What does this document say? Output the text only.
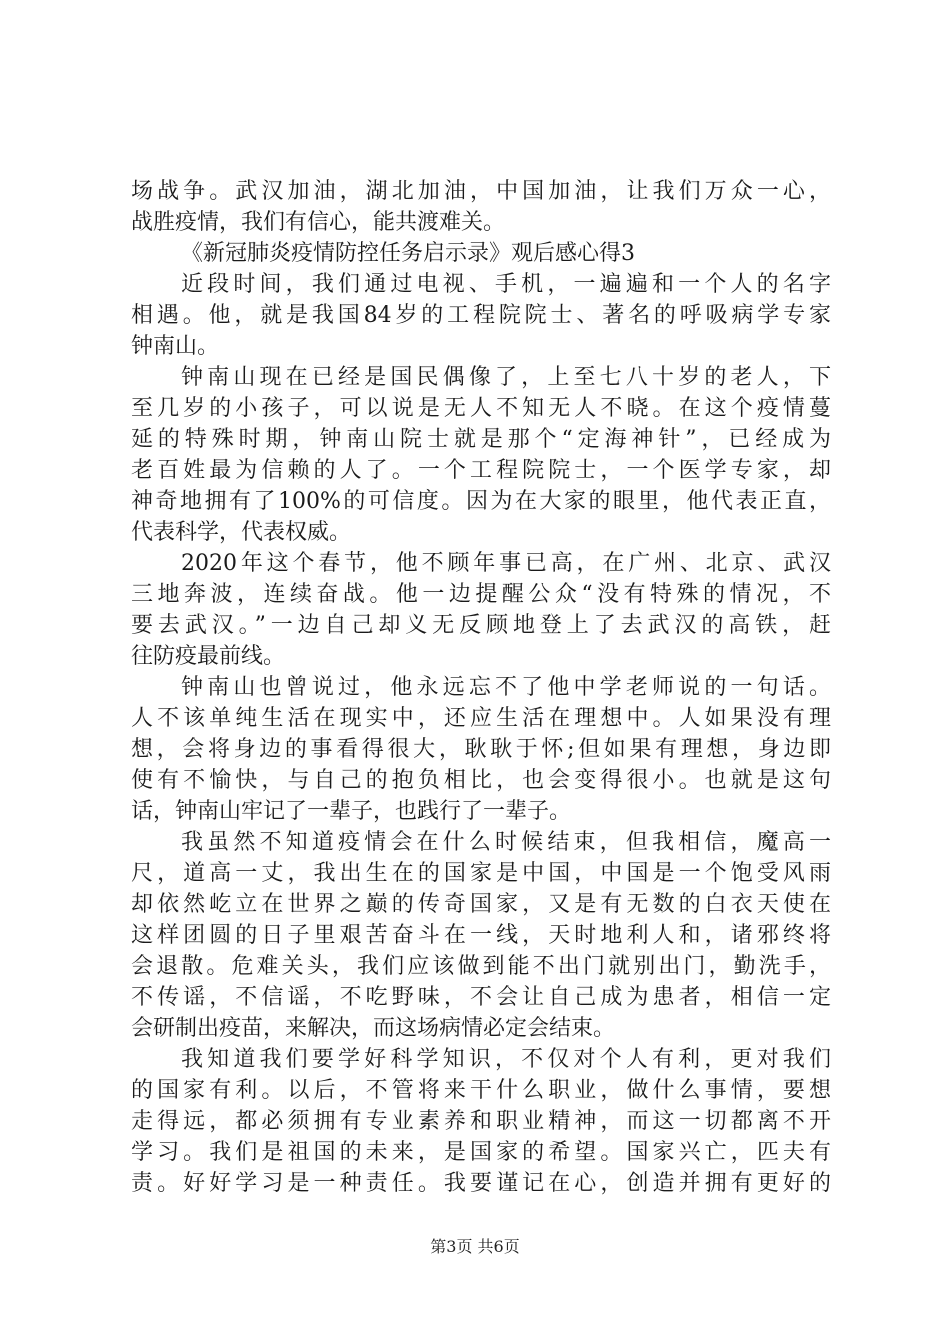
场战争。武汉加油，湖北加油，中国加油，让我们万众一心，
战胜疫情，我们有信心，能共渡难关。
《新冠肺炎疫情防控任务启示录》观后感心得3
近段时间，我们通过电视、手机，一遍遍和一个人的名字
相遇。他，就是我国84岁的工程院院士、著名的呼吸病学专家
钟南山。
钟南山现在已经是国民偶像了，上至七八十岁的老人，下
至几岁的小孩子，可以说是无人不知无人不晓。在这个疫情蔓
延的特殊时期，钟南山院士就是那个“定海神针”，已经成为
老百姓最为信赖的人了。一个工程院院士，一个医学专家，却
神奇地拥有了100%的可信度。因为在大家的眼里，他代表正直，
代表科学，代表权威。
2020年这个春节，他不顾年事已高，在广州、北京、武汉
三地奔波，连续奋战。他一边提醒公众“没有特殊的情况，不
要去武汉。”一边自己却义无反顾地登上了去武汉的高铁，赶
往防疫最前线。
钟南山也曾说过，他永远忘不了他中学老师说的一句话。
人不该单纯生活在现实中，还应生活在理想中。人如果没有理
想，会将身边的事看得很大，耿耿于怀;但如果有理想，身边即
使有不愉快，与自己的抱负相比，也会变得很小。也就是这句
话，钟南山牢记了一辈子，也践行了一辈子。
我虽然不知道疫情会在什么时候结束，但我相信，魔高一
尺，道高一丈，我出生在的国家是中国，中国是一个饱受风雨
却依然屹立在世界之巅的传奇国家，又是有无数的白衣天使在
这样团圆的日子里艰苦奋斗在一线，天时地利人和，诸邪终将
会退散。危难关头，我们应该做到能不出门就别出门，勤洗手，
不传谣，不信谣，不吃野味，不会让自己成为患者，相信一定
会研制出疫苗，来解决，而这场病情必定会结束。
我知道我们要学好科学知识，不仅对个人有利，更对我们
的国家有利。以后，不管将来干什么职业，做什么事情，要想
走得远，都必须拥有专业素养和职业精神，而这一切都离不开
学习。我们是祖国的未来，是国家的希望。国家兴亡，匹夫有
责。好好学习是一种责任。我要谨记在心，创造并拥有更好的
第3页 共6页
